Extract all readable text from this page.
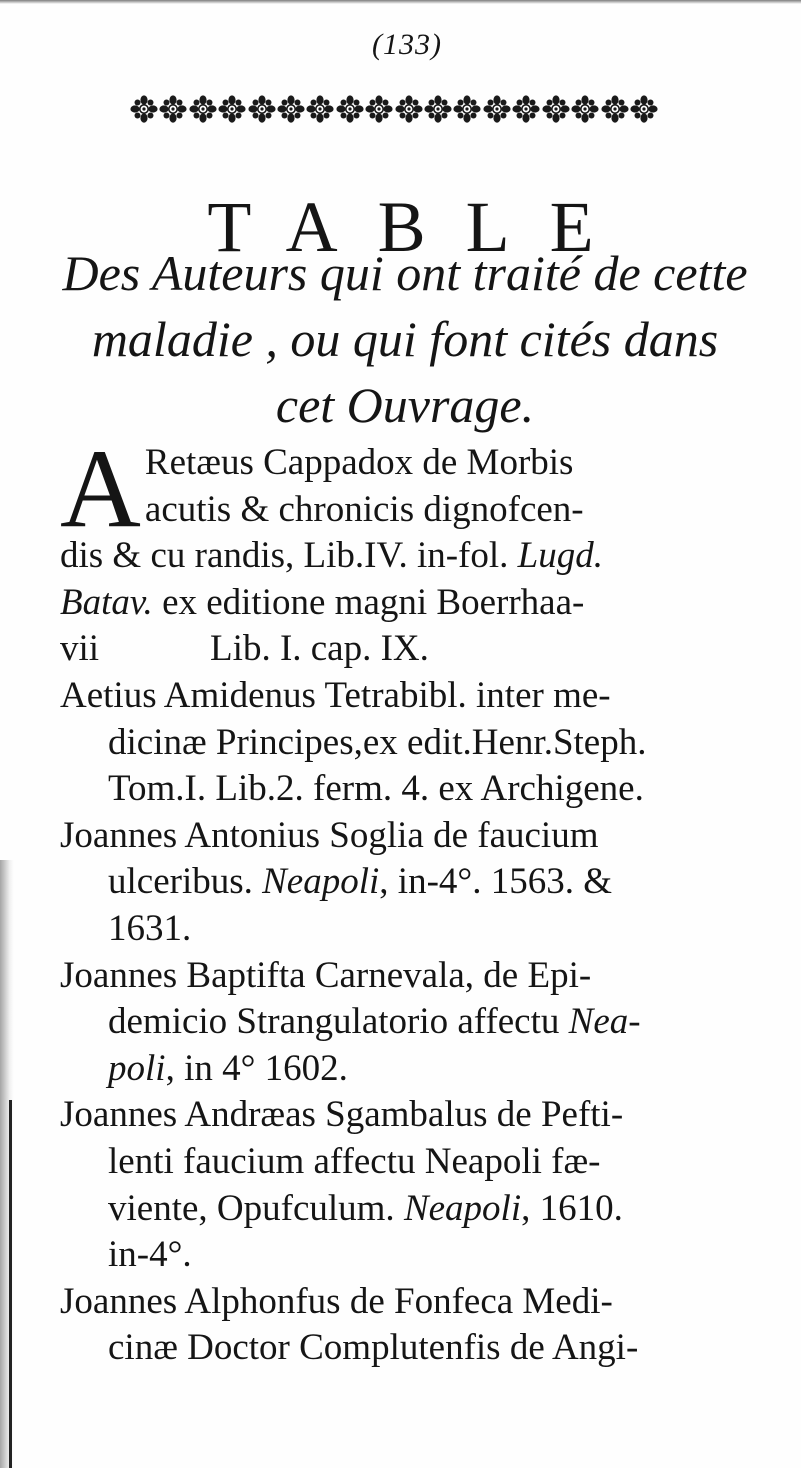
(133)
TABLE
Des Auteurs qui ont traité de cette
maladie , ou qui font cités dans
cet Ouvrage.
A Retæus Cappadox de Morbis
acutis & chronicis dignofcen-
dis & cu randis, Lib.IV. in-fol. Lugd.
Batav. ex editione magni Boerrhaa-
vii            Lib. I. cap. IX.
Aetius Amidenus Tetrabibl. inter me-
dicinæ Principes,ex edit.Henr.Steph.
Tom.I. Lib.2. ferm. 4. ex Archigene.
Joannes Antonius Soglia de faucium
ulceribus. Neapoli, in-4°. 1563. &
1631.
Joannes Baptifta Carnevala, de Epi-
demicio Strangulatorio affectu Nea-
poli, in 4° 1602.
Joannes Andræas Sgambalus de Pefti-
lenti faucium affectu Neapoli fæ-
viente, Opufculum. Neapoli, 1610.
in-4°.
Joannes Alphonfus de Fonfeca Medi-
cinæ Doctor Complutenfis de Angi-
